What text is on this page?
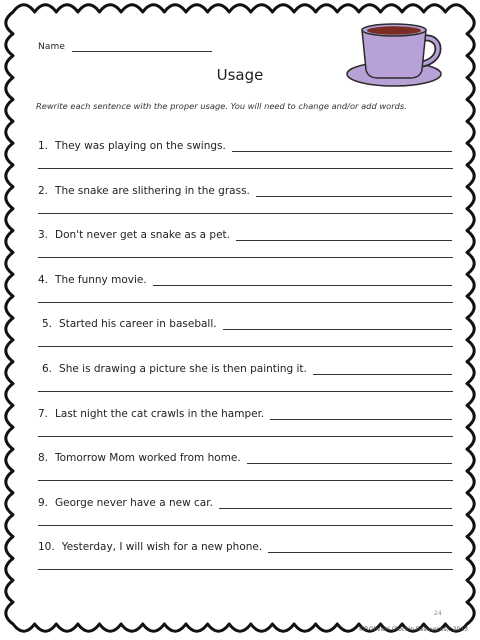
Name
Usage
Rewrite each sentence with the proper usage. You will need to change and/or add words.
1. They was playing on the swings.
2. The snake are slithering in the grass.
3. Don't never get a snake as a pet.
4. The funny movie.
5. Started his career in baseball.
6. She is drawing a picture she is then painting it.
7. Last night the cat crawls in the hamper.
8. Tomorrow Mom worked from home.
9. George never have a new car.
10. Yesterday, I will wish for a new phone.
24
©P.Olivieri (Rockin Resources), 2013
